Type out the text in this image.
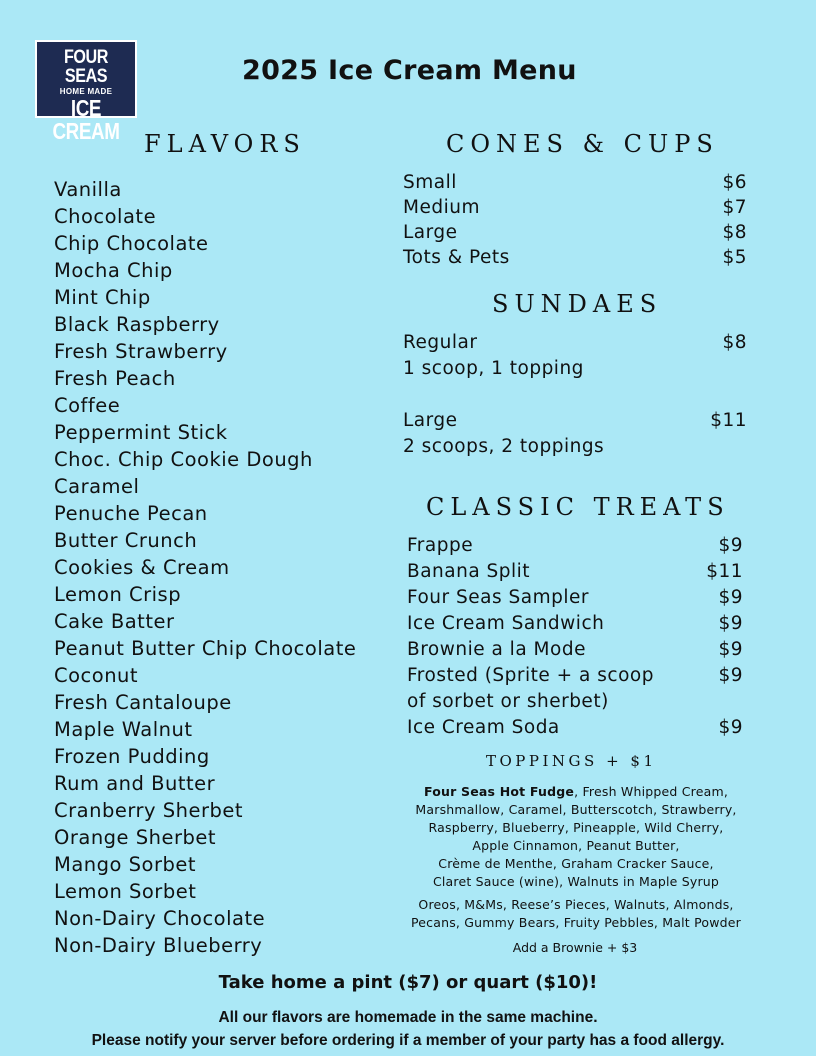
FOUR SEAS
HOME MADE
ICE CREAM
2025 Ice Cream Menu
FLAVORS
Vanilla
Chocolate
Chip Chocolate
Mocha Chip
Mint Chip
Black Raspberry
Fresh Strawberry
Fresh Peach
Coffee
Peppermint Stick
Choc. Chip Cookie Dough
Caramel
Penuche Pecan
Butter Crunch
Cookies & Cream
Lemon Crisp
Cake Batter
Peanut Butter Chip Chocolate
Coconut
Fresh Cantaloupe
Maple Walnut
Frozen Pudding
Rum and Butter
Cranberry Sherbet
Orange Sherbet
Mango Sorbet
Lemon Sorbet
Non-Dairy Chocolate
Non-Dairy Blueberry
CONES & CUPS
Small	$6
Medium	$7
Large	$8
Tots & Pets	$5
SUNDAES
Regular	$8
1 scoop, 1 topping
Large	$11
2 scoops, 2 toppings
CLASSIC TREATS
Frappe	$9
Banana Split	$11
Four Seas Sampler	$9
Ice Cream Sandwich	$9
Brownie a la Mode	$9
Frosted (Sprite + a scoop	$9
of sorbet or sherbet)
Ice Cream Soda	$9
TOPPINGS + $1
Four Seas Hot Fudge, Fresh Whipped Cream,
Marshmallow, Caramel, Butterscotch, Strawberry,
Raspberry, Blueberry, Pineapple, Wild Cherry,
Apple Cinnamon, Peanut Butter,
Crème de Menthe, Graham Cracker Sauce,
Claret Sauce (wine), Walnuts in Maple Syrup
Oreos, M&Ms, Reese’s Pieces, Walnuts, Almonds,
Pecans, Gummy Bears, Fruity Pebbles, Malt Powder
Add a Brownie + $3
Take home a pint ($7) or quart ($10)!
All our flavors are homemade in the same machine.
Please notify your server before ordering if a member of your party has a food allergy.
